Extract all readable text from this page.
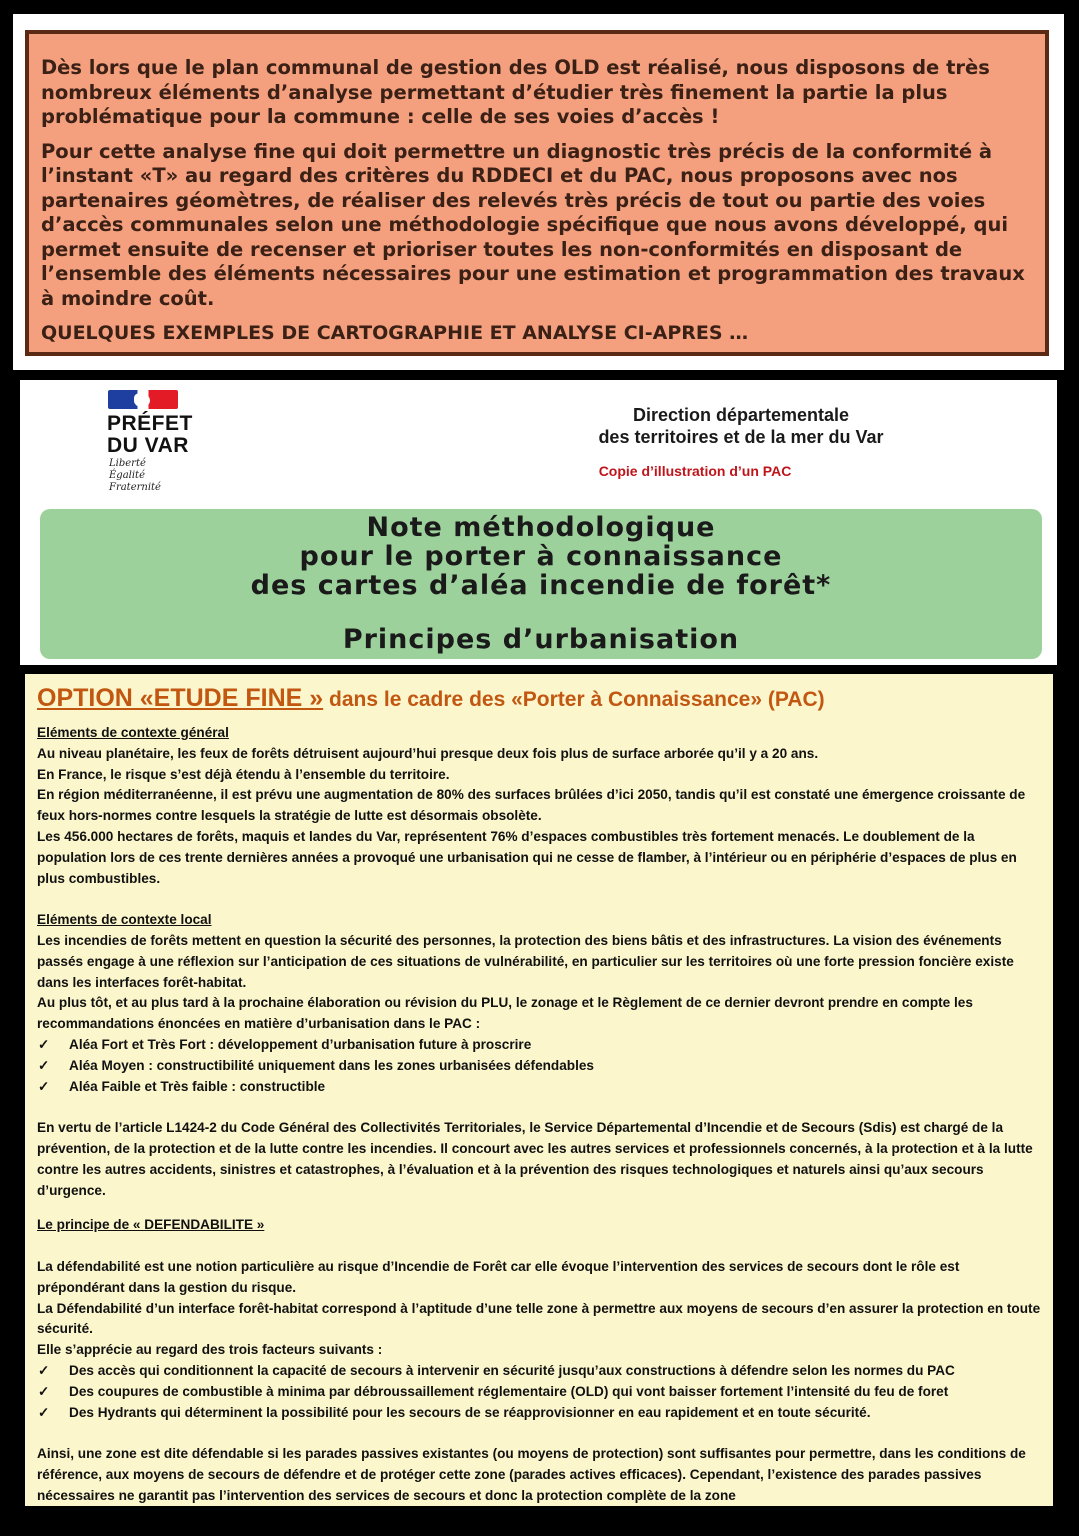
Dès lors que le plan communal de gestion des OLD est réalisé, nous disposons de très nombreux éléments d’analyse permettant d’étudier très finement la partie la plus problématique pour la commune : celle de ses voies d’accès !

Pour cette analyse fine qui doit permettre un diagnostic très précis de la conformité à l’instant «T» au regard des critères du RDDECI et du PAC, nous proposons avec nos partenaires géomètres, de réaliser des relevés très précis de tout ou partie des voies d’accès communales selon une méthodologie spécifique que nous avons développé, qui permet ensuite de recenser et prioriser toutes les non-conformités en disposant de l’ensemble des éléments nécessaires pour une estimation et programmation des travaux à moindre coût.

QUELQUES EXEMPLES DE CARTOGRAPHIE ET ANALYSE CI-APRES …

PRÉFET
DU VAR
Liberté
Égalité
Fraternité
Direction départementale
des territoires et de la mer du Var
Copie d’illustration d’un PAC
Note méthodologique
pour le porter à connaissance
des cartes d’aléa incendie de forêt*
Principes d’urbanisation
OPTION «ETUDE FINE » dans le cadre des «Porter à Connaissance» (PAC)
Eléments de contexte général
Au niveau planétaire, les feux de forêts détruisent aujourd’hui presque deux fois plus de surface arborée qu’il y a 20 ans.
En France, le risque s’est déjà étendu à l’ensemble du territoire.
En région méditerranéenne, il est prévu une augmentation de 80% des surfaces brûlées d’ici 2050, tandis qu’il est constaté une émergence croissante de feux hors-normes contre lesquels la stratégie de lutte est désormais obsolète.
Les 456.000 hectares de forêts, maquis et landes du Var, représentent 76% d’espaces combustibles très fortement menacés. Le doublement de la population lors de ces trente dernières années a provoqué une urbanisation qui ne cesse de flamber, à l’intérieur ou en périphérie d’espaces de plus en plus combustibles.
Eléments de contexte local
Les incendies de forêts mettent en question la sécurité des personnes, la protection des biens bâtis et des infrastructures. La vision des événements passés engage à une réflexion sur l’anticipation de ces situations de vulnérabilité, en particulier sur les territoires où une forte pression foncière existe dans les interfaces forêt-habitat.
Au plus tôt, et au plus tard à la prochaine élaboration ou révision du PLU, le zonage et le Règlement de ce dernier devront prendre en compte les recommandations énoncées en matière d’urbanisation dans le PAC :
✓	Aléa Fort et Très Fort : développement d’urbanisation future à proscrire
✓	Aléa Moyen : constructibilité uniquement dans les zones urbanisées défendables
✓	Aléa Faible et Très faible : constructible
En vertu de l’article L1424-2 du Code Général des Collectivités Territoriales, le Service Départemental d’Incendie et de Secours (Sdis) est chargé de la prévention, de la protection et de la lutte contre les incendies. Il concourt avec les autres services et professionnels concernés, à la protection et à la lutte contre les autres accidents, sinistres et catastrophes, à l’évaluation et à la prévention des risques technologiques et naturels ainsi qu’aux secours d’urgence.
Le principe de « DEFENDABILITE »
La défendabilité est une notion particulière au risque d’Incendie de Forêt car elle évoque l’intervention des services de secours dont le rôle est prépondérant dans la gestion du risque.
La Défendabilité d’un interface forêt-habitat correspond à l’aptitude d’une telle zone à permettre aux moyens de secours d’en assurer la protection en toute sécurité.
Elle s’apprécie au regard des trois facteurs suivants :
✓	Des accès qui conditionnent la capacité de secours à intervenir en sécurité jusqu’aux constructions à défendre selon les normes du PAC
✓	Des coupures de combustible à minima par débroussaillement réglementaire (OLD) qui vont baisser fortement l’intensité du feu de foret
✓	Des Hydrants qui déterminent la possibilité pour les secours de se réapprovisionner en eau rapidement et en toute sécurité.
Ainsi, une zone est dite défendable si les parades passives existantes (ou moyens de protection) sont suffisantes pour permettre, dans les conditions de référence, aux moyens de secours de défendre et de protéger cette zone (parades actives efficaces). Cependant, l’existence des parades passives nécessaires ne garantit pas l’intervention des services de secours et donc la protection complète de la zone
